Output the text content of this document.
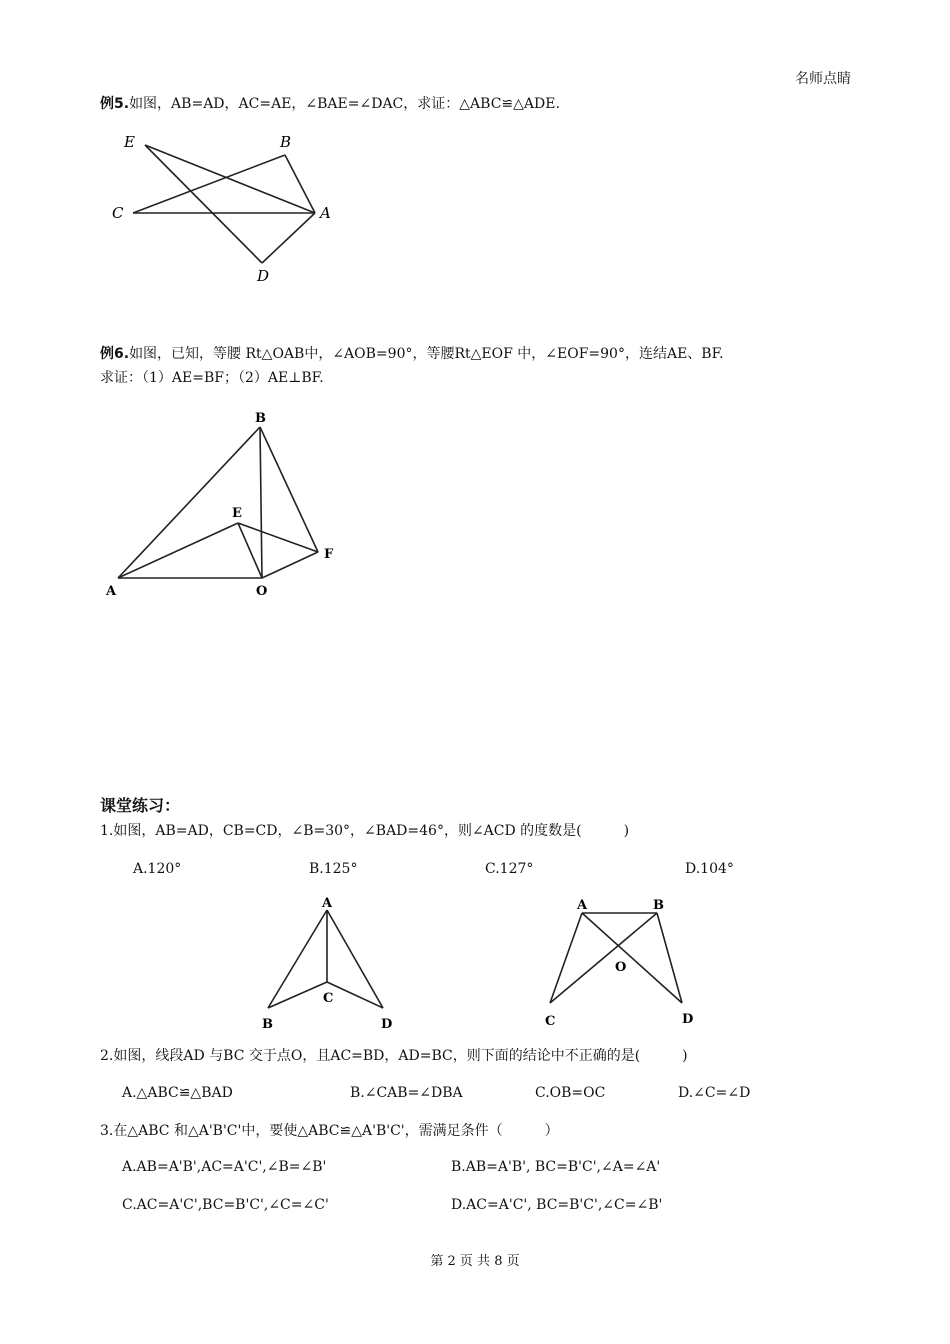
名师点睛
例5.如图，AB=AD，AC=AE，∠BAE=∠DAC，求证：△ABC≌△ADE.
E	B
C	A
D
例6.如图，已知，等腰 Rt△OAB中，∠AOB=90°，等腰Rt△EOF 中，∠EOF=90°，连结AE、BF.
求证：（1）AE=BF；（2）AE⊥BF.
B
E
F
A	O
课堂练习：
1.如图，AB=AD，CB=CD，∠B=30°，∠BAD=46°，则∠ACD 的度数是(　　　)
A.120°	B.125°	C.127°	D.104°
A
B
C
D
A	B
O
C	D
2.如图，线段AD 与BC 交于点O，且AC=BD，AD=BC，则下面的结论中不正确的是(　　　)
A.△ABC≌△BAD	B.∠CAB=∠DBA	C.OB=OC	D.∠C=∠D
3.在△ABC 和△A'B'C'中，要使△ABC≌△A'B'C'，需满足条件（　　　）
A.AB=A'B',AC=A'C',∠B=∠B'	B.AB=A'B', BC=B'C',∠A=∠A'
C.AC=A'C',BC=B'C',∠C=∠C'	D.AC=A'C', BC=B'C',∠C=∠B'
第 2 页 共 8 页
